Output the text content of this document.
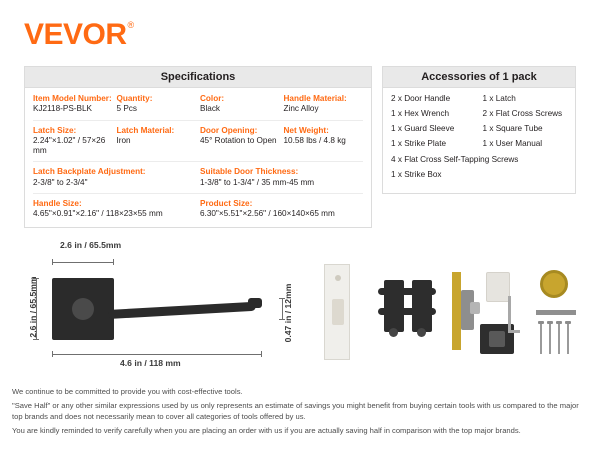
VEVOR ®
Specifications
Item Model Number:
KJ2118-PS-BLK
Quantity:
5 Pcs
Color:
Black
Handle Material:
Zinc Alloy
Latch Size:
2.24"×1.02" / 57×26 mm
Latch Material:
Iron
Door Opening:
45° Rotation to Open
Net Weight:
10.58 lbs / 4.8 kg
Latch Backplate Adjustment:
2-3/8" to 2-3/4"
Suitable Door Thickness:
1-3/8" to 1-3/4" / 35 mm-45 mm
Handle Size:
4.65"×0.91"×2.16" / 118×23×55 mm
Product Size:
6.30"×5.51"×2.56" / 160×140×65 mm
Accessories of 1 pack
2 x Door Handle	1 x Latch
1 x Hex Wrench	2 x Flat Cross Screws
1 x Guard Sleeve	1 x Square Tube
1 x Strike Plate	1 x User Manual
4 x Flat Cross Self-Tapping Screws
1 x Strike Box
2.6 in / 65.5mm
2.6 in / 65.5mm
4.6 in / 118 mm
0.47 in / 12mm

We continue to be committed to provide you with cost-effective tools.

"Save Half" or any other similar expressions used by us only represents an estimate of savings you might benefit from buying certain tools with us compared to the major top brands and does not necessarily mean to cover all categories of tools offered by us.

You are kindly reminded to verify carefully when you are placing an order with us if you are actually saving half in comparison with the top major brands.
